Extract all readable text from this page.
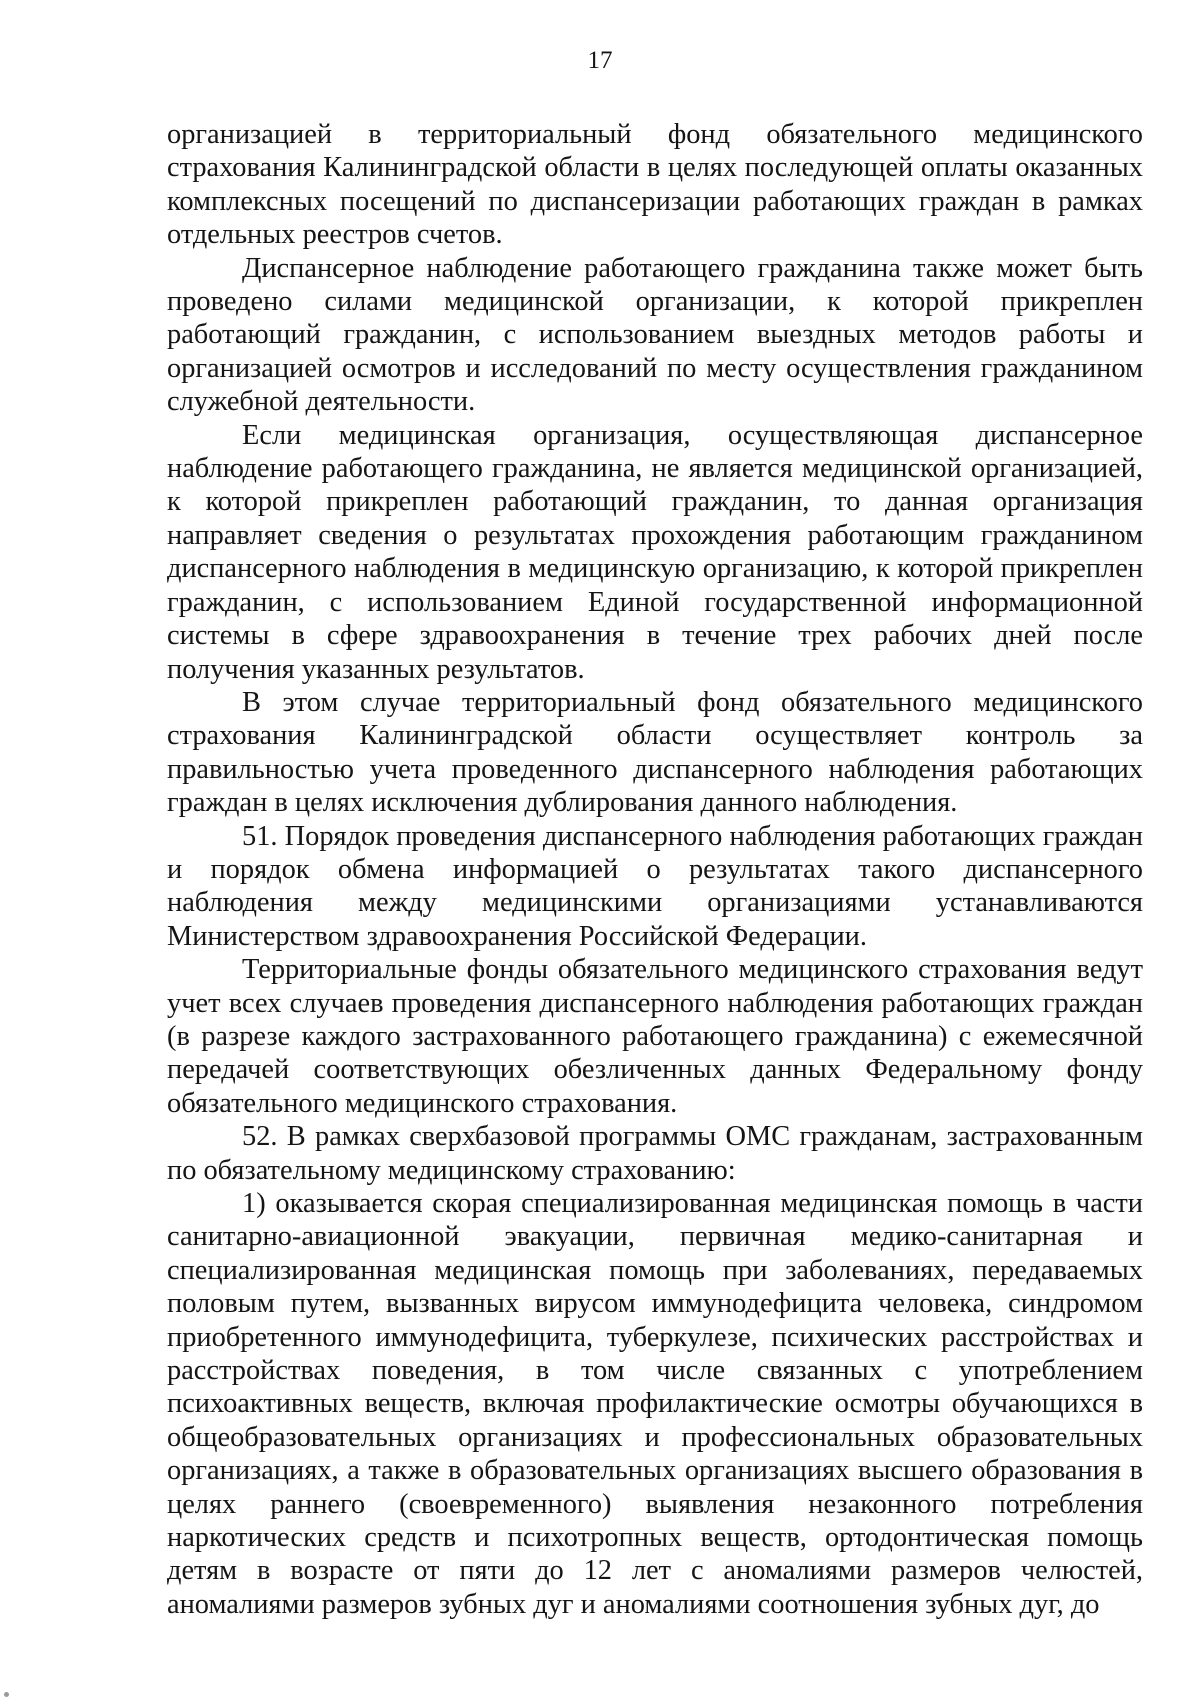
17

организацией в территориальный фонд обязательного медицинского страхования Калининградской области в целях последующей оплаты оказанных комплексных посещений по диспансеризации работающих граждан в рамках отдельных реестров счетов.

Диспансерное наблюдение работающего гражданина также может быть проведено силами медицинской организации, к которой прикреплен работающий гражданин, с использованием выездных методов работы и организацией осмотров и исследований по месту осуществления гражданином служебной деятельности.

Если медицинская организация, осуществляющая диспансерное наблюдение работающего гражданина, не является медицинской организацией, к которой прикреплен работающий гражданин, то данная организация направляет сведения о результатах прохождения работающим гражданином диспансерного наблюдения в медицинскую организацию, к которой прикреплен гражданин, с использованием Единой государственной информационной системы в сфере здравоохранения в течение трех рабочих дней после получения указанных результатов.

В этом случае территориальный фонд обязательного медицинского страхования Калининградской области осуществляет контроль за правильностью учета проведенного диспансерного наблюдения работающих граждан в целях исключения дублирования данного наблюдения.

51. Порядок проведения диспансерного наблюдения работающих граждан и порядок обмена информацией о результатах такого диспансерного наблюдения между медицинскими организациями устанавливаются Министерством здравоохранения Российской Федерации.

Территориальные фонды обязательного медицинского страхования ведут учет всех случаев проведения диспансерного наблюдения работающих граждан (в разрезе каждого застрахованного работающего гражданина) с ежемесячной передачей соответствующих обезличенных данных Федеральному фонду обязательного медицинского страхования.

52. В рамках сверхбазовой программы ОМС гражданам, застрахованным по обязательному медицинскому страхованию:

1) оказывается скорая специализированная медицинская помощь в части санитарно-авиационной эвакуации, первичная медико-санитарная и специализированная медицинская помощь при заболеваниях, передаваемых половым путем, вызванных вирусом иммунодефицита человека, синдромом приобретенного иммунодефицита, туберкулезе, психических расстройствах и расстройствах поведения, в том числе связанных с употреблением психоактивных веществ, включая профилактические осмотры обучающихся в общеобразовательных организациях и профессиональных образовательных организациях, а также в образовательных организациях высшего образования в целях раннего (своевременного) выявления незаконного потребления наркотических средств и психотропных веществ, ортодонтическая помощь детям в возрасте от пяти до 12 лет с аномалиями размеров челюстей, аномалиями размеров зубных дуг и аномалиями соотношения зубных дуг, до
